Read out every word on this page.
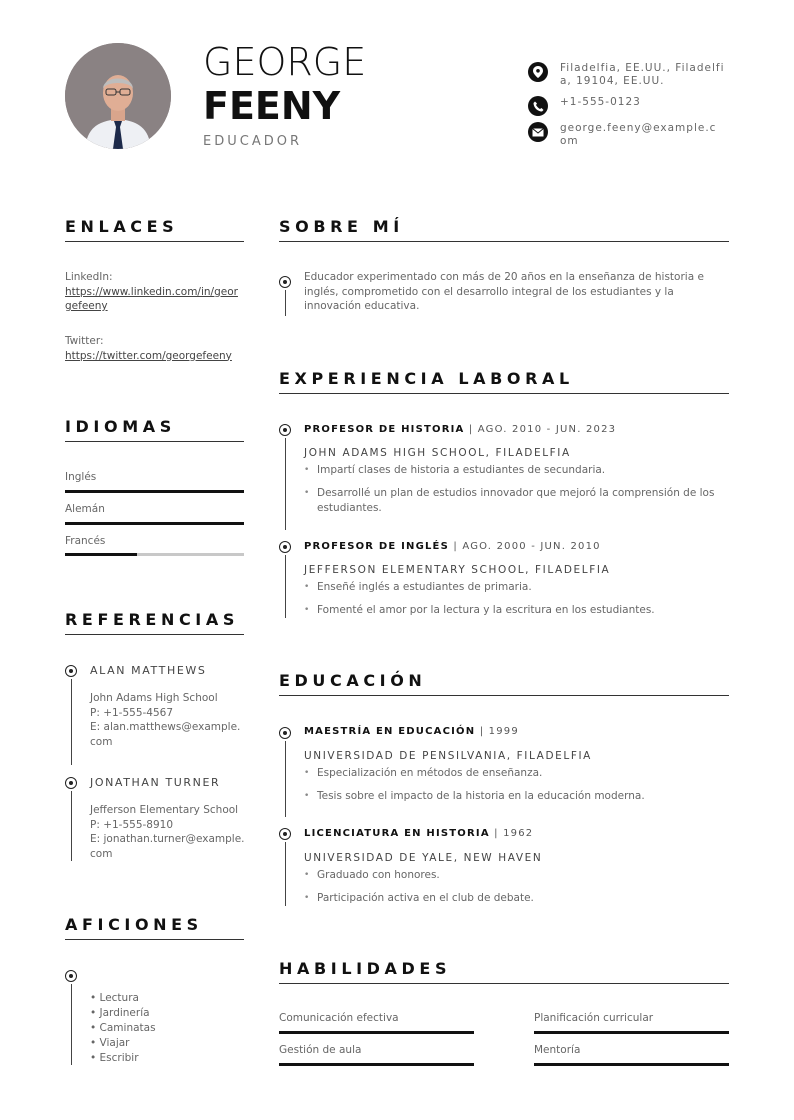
GEORGE
FEENY
EDUCADOR
Filadelfia, EE.UU., Filadelfia, 19104, EE.UU.
+1-555-0123
george.feeny@example.com
ENLACES
LinkedIn:
https://www.linkedin.com/in/georgefeeny
Twitter:
https://twitter.com/georgefeeny
IDIOMAS
Inglés
Alemán
Francés
REFERENCIAS
ALAN MATTHEWS
John Adams High School
P: +1-555-4567
E: alan.matthews@example.com
JONATHAN TURNER
Jefferson Elementary School
P: +1-555-8910
E: jonathan.turner@example.com
AFICIONES
• Lectura
• Jardinería
• Caminatas
• Viajar
• Escribir
SOBRE MÍ
Educador experimentado con más de 20 años en la enseñanza de historia e inglés, comprometido con el desarrollo integral de los estudiantes y la innovación educativa.
EXPERIENCIA LABORAL
PROFESOR DE HISTORIA | AGO. 2010 - JUN. 2023
JOHN ADAMS HIGH SCHOOL, FILADELFIA
• Impartí clases de historia a estudiantes de secundaria.
• Desarrollé un plan de estudios innovador que mejoró la comprensión de los estudiantes.
PROFESOR DE INGLÉS | AGO. 2000 - JUN. 2010
JEFFERSON ELEMENTARY SCHOOL, FILADELFIA
• Enseñé inglés a estudiantes de primaria.
• Fomenté el amor por la lectura y la escritura en los estudiantes.
EDUCACIÓN
MAESTRÍA EN EDUCACIÓN | 1999
UNIVERSIDAD DE PENSILVANIA, FILADELFIA
• Especialización en métodos de enseñanza.
• Tesis sobre el impacto de la historia en la educación moderna.
LICENCIATURA EN HISTORIA | 1962
UNIVERSIDAD DE YALE, NEW HAVEN
• Graduado con honores.
• Participación activa en el club de debate.
HABILIDADES
Comunicación efectiva	Planificación curricular
Gestión de aula	Mentoría
